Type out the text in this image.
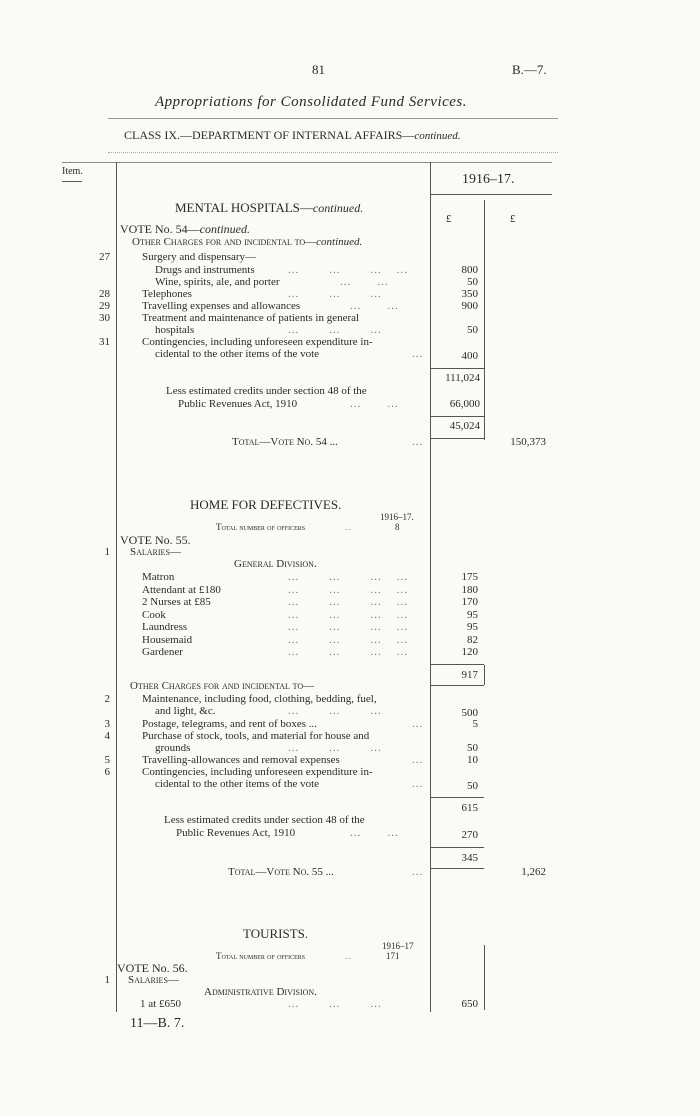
81	B.—7.
Appropriations for Consolidated Fund Services.
CLASS IX.—DEPARTMENT OF INTERNAL AFFAIRS—continued.
Item.
1916–17.
£	£
MENTAL HOSPITALS—continued.
VOTE No. 54—continued.
Other Charges for and incidental to—continued.
27	Surgery and dispensary—
Drugs and instruments	...        ...        ...    ...	800
Wine, spirits, ale, and porter	...       ...	50
28	Telephones	...        ...        ...	350
29	Travelling expenses and allowances	...       ...	900
30	Treatment and maintenance of patients in general
hospitals	...        ...        ...	50
31	Contingencies, including unforeseen expenditure in-
cidental to the other items of the vote	...	400
111,024
Less estimated credits under section 48 of the
Public Revenues Act, 1910	...       ...	66,000
45,024
Total—Vote No. 54 ...	...	150,373
HOME FOR DEFECTIVES.
1916–17.
Total number of officers	..	8
VOTE No. 55.
1 Salaries—
General Division.
Matron	...        ...        ...    ...	175
Attendant at £180	...        ...        ...    ...	180
2 Nurses at £85	...        ...        ...    ...	170
Cook	...        ...        ...    ...	95
Laundress	...        ...        ...    ...	95
Housemaid	...        ...        ...    ...	82
Gardener	...        ...        ...    ...	120
917
Other Charges for and incidental to—
2	Maintenance, including food, clothing, bedding, fuel,
and light, &c.	...        ...        ...	500
3	Postage, telegrams, and rent of boxes ...	...	5
4	Purchase of stock, tools, and material for house and
grounds	...        ...        ...	50
5	Travelling-allowances and removal expenses	...	10
6	Contingencies, including unforeseen expenditure in-
cidental to the other items of the vote	...	50
615
Less estimated credits under section 48 of the
Public Revenues Act, 1910	...       ...	270
345
Total—Vote No. 55 ...	...	1,262
TOURISTS.
1916–17
Total number of officers	..	171
VOTE No. 56.
1 Salaries—
Administrative Division.
1 at £650	...        ...        ...	650
11—B. 7.
